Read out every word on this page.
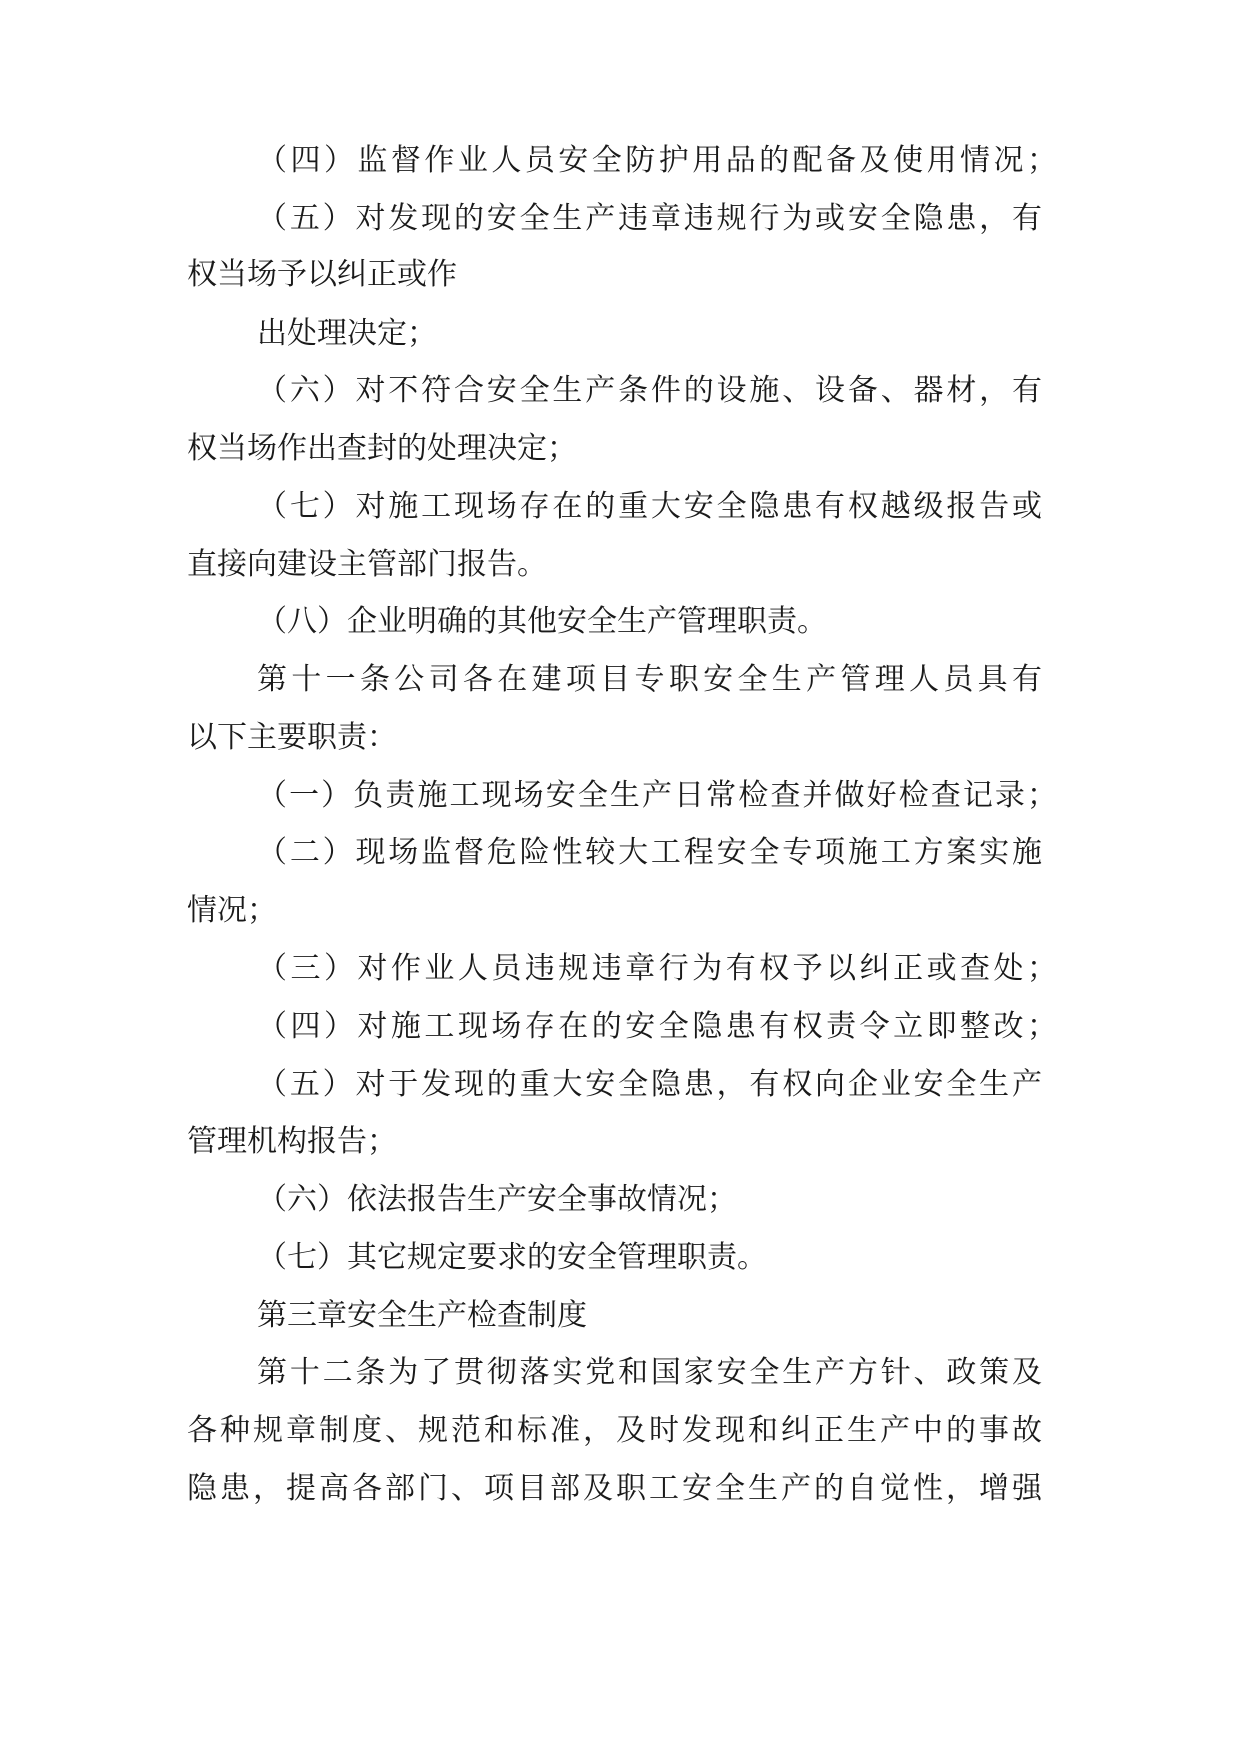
（四）监督作业人员安全防护用品的配备及使用情况；
（五）对发现的安全生产违章违规行为或安全隐患，有
权当场予以纠正或作
出处理决定；
（六）对不符合安全生产条件的设施、设备、器材，有
权当场作出查封的处理决定；
（七）对施工现场存在的重大安全隐患有权越级报告或
直接向建设主管部门报告。
（八）企业明确的其他安全生产管理职责。
第十一条公司各在建项目专职安全生产管理人员具有
以下主要职责：
（一）负责施工现场安全生产日常检查并做好检查记录；
（二）现场监督危险性较大工程安全专项施工方案实施
情况；
（三）对作业人员违规违章行为有权予以纠正或查处；
（四）对施工现场存在的安全隐患有权责令立即整改；
（五）对于发现的重大安全隐患，有权向企业安全生产
管理机构报告；
（六）依法报告生产安全事故情况；
（七）其它规定要求的安全管理职责。
第三章安全生产检查制度
第十二条为了贯彻落实党和国家安全生产方针、政策及
各种规章制度、规范和标准，及时发现和纠正生产中的事故
隐患，提高各部门、项目部及职工安全生产的自觉性，增强
